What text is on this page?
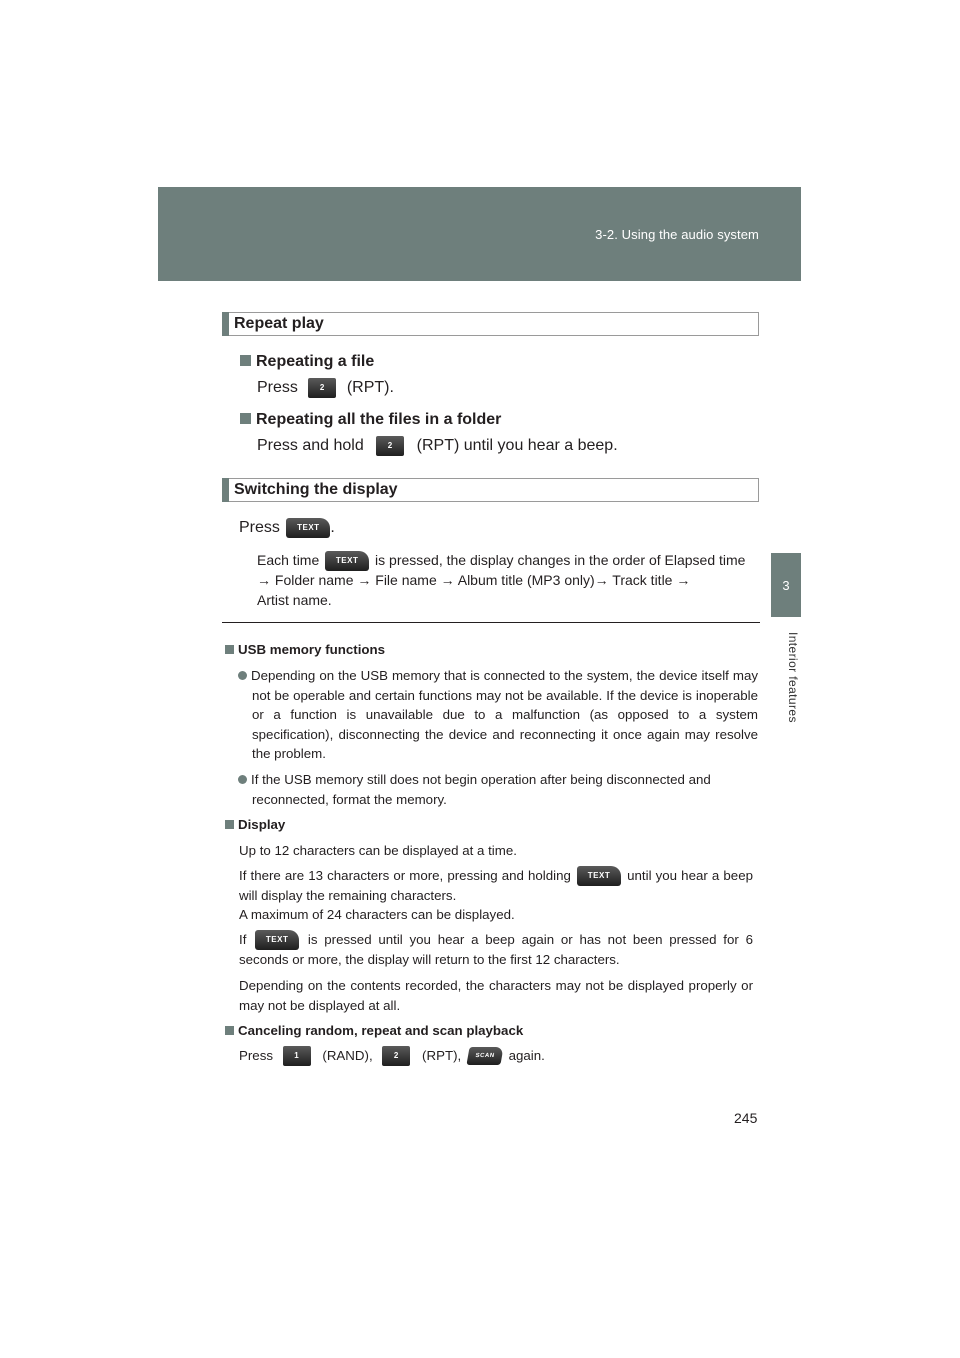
3-2. Using the audio system
3
Interior features
Repeat play
Repeating a file
Press	2 (RPT).
Repeating all the files in a folder
Press and hold	2 (RPT) until you hear a beep.
Switching the display
Press TEXT .
Each time TEXT is pressed, the display changes in the order of Elapsed time
→ Folder name → File name → Album title (MP3 only)→ Track title →
Artist name.
USB memory functions
Depending on the USB memory that is connected to the system, the device itself may not be operable and certain functions may not be available. If the device is inoperable or a function is unavailable due to a malfunction (as opposed to a system specification), disconnecting the device and reconnecting it once again may resolve the problem.
If the USB memory still does not begin operation after being disconnected and reconnected, format the memory.
Display
Up to 12 characters can be displayed at a time.
If there are 13 characters or more, pressing and holding TEXT until you hear a beep will display the remaining characters.
A maximum of 24 characters can be displayed.
If TEXT is pressed until you hear a beep again or has not been pressed for 6 seconds or more, the display will return to the first 12 characters.
Depending on the contents recorded, the characters may not be displayed properly or may not be displayed at all.
Canceling random, repeat and scan playback
Press	1 (RAND),	2 (RPT), SCAN again.
245
